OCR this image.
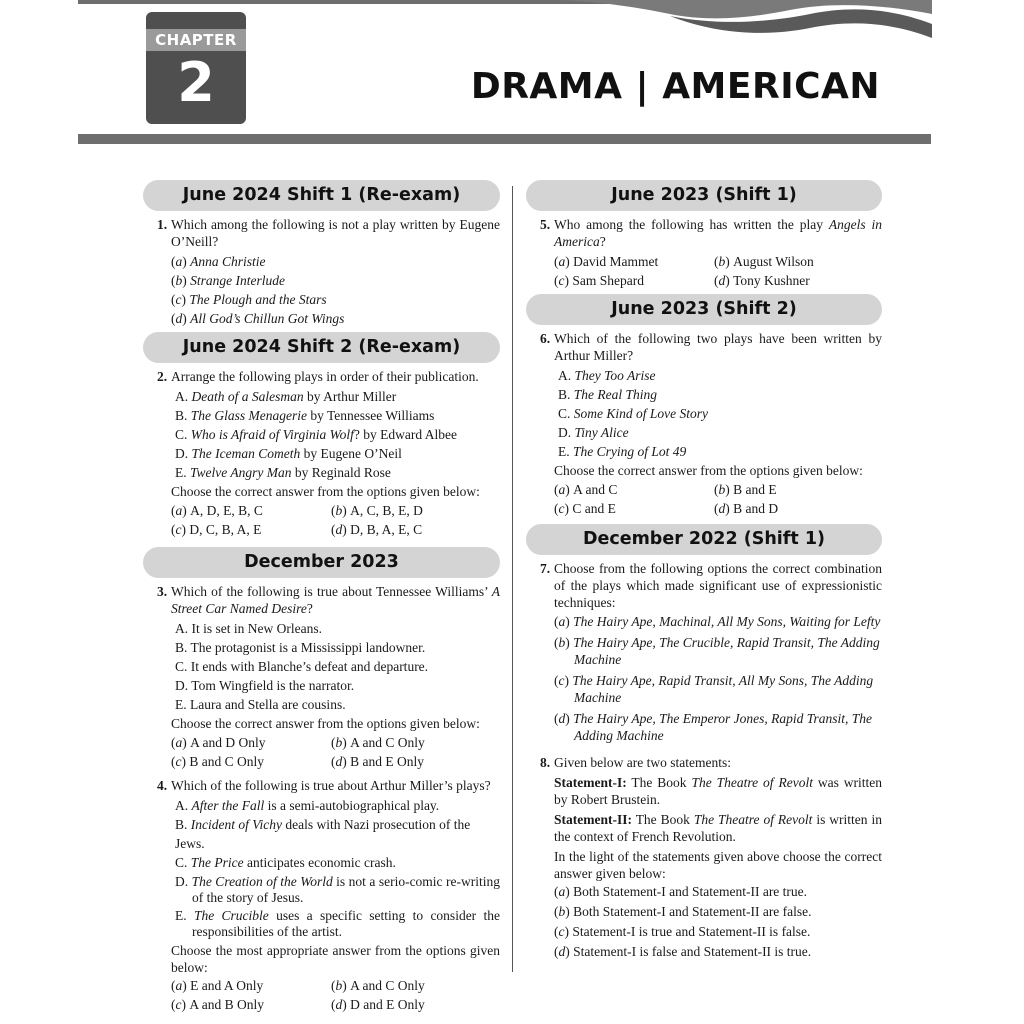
CHAPTER
2	DRAMA | AMERICAN
June 2024 Shift 1 (Re-exam)
1. Which among the following is not a play written by Eugene O’Neill?
(a) Anna Christie
(b) Strange Interlude
(c) The Plough and the Stars
(d) All God’s Chillun Got Wings
June 2024 Shift 2 (Re-exam)
2. Arrange the following plays in order of their publication.
A. Death of a Salesman by Arthur Miller
B. The Glass Menagerie by Tennessee Williams
C. Who is Afraid of Virginia Wolf? by Edward Albee
D. The Iceman Cometh by Eugene O’Neil
E. Twelve Angry Man by Reginald Rose
Choose the correct answer from the options given below:
(a) A, D, E, B, C	(b) A, C, B, E, D
(c) D, C, B, A, E	(d) D, B, A, E, C
December 2023
3. Which of the following is true about Tennessee Williams’ A Street Car Named Desire?
A. It is set in New Orleans.
B. The protagonist is a Mississippi landowner.
C. It ends with Blanche’s defeat and departure.
D. Tom Wingfield is the narrator.
E. Laura and Stella are cousins.
Choose the correct answer from the options given below:
(a) A and D Only	(b) A and C Only
(c) B and C Only	(d) B and E Only
4. Which of the following is true about Arthur Miller’s plays?
A. After the Fall is a semi-autobiographical play.
B. Incident of Vichy deals with Nazi prosecution of the Jews.
C. The Price anticipates economic crash.
D. The Creation of the World is not a serio-comic re-writing of the story of Jesus.
E. The Crucible uses a specific setting to consider the responsibilities of the artist.
Choose the most appropriate answer from the options given below:
(a) E and A Only	(b) A and C Only
(c) A and B Only	(d) D and E Only
June 2023 (Shift 1)
5. Who among the following has written the play Angels in America?
(a) David Mammet	(b) August Wilson
(c) Sam Shepard	(d) Tony Kushner
June 2023 (Shift 2)
6. Which of the following two plays have been written by Arthur Miller?
A. They Too Arise
B. The Real Thing
C. Some Kind of Love Story
D. Tiny Alice
E. The Crying of Lot 49
Choose the correct answer from the options given below:
(a) A and C	(b) B and E
(c) C and E	(d) B and D
December 2022 (Shift 1)
7. Choose from the following options the correct combination of the plays which made significant use of expressionistic techniques:
(a) The Hairy Ape, Machinal, All My Sons, Waiting for Lefty
(b) The Hairy Ape, The Crucible, Rapid Transit, The Adding Machine
(c) The Hairy Ape, Rapid Transit, All My Sons, The Adding Machine
(d) The Hairy Ape, The Emperor Jones, Rapid Transit, The Adding Machine
8. Given below are two statements:
Statement-I: The Book The Theatre of Revolt was written by Robert Brustein.
Statement-II: The Book The Theatre of Revolt is written in the context of French Revolution.
In the light of the statements given above choose the correct answer given below:
(a) Both Statement-I and Statement-II are true.
(b) Both Statement-I and Statement-II are false.
(c) Statement-I is true and Statement-II is false.
(d) Statement-I is false and Statement-II is true.
